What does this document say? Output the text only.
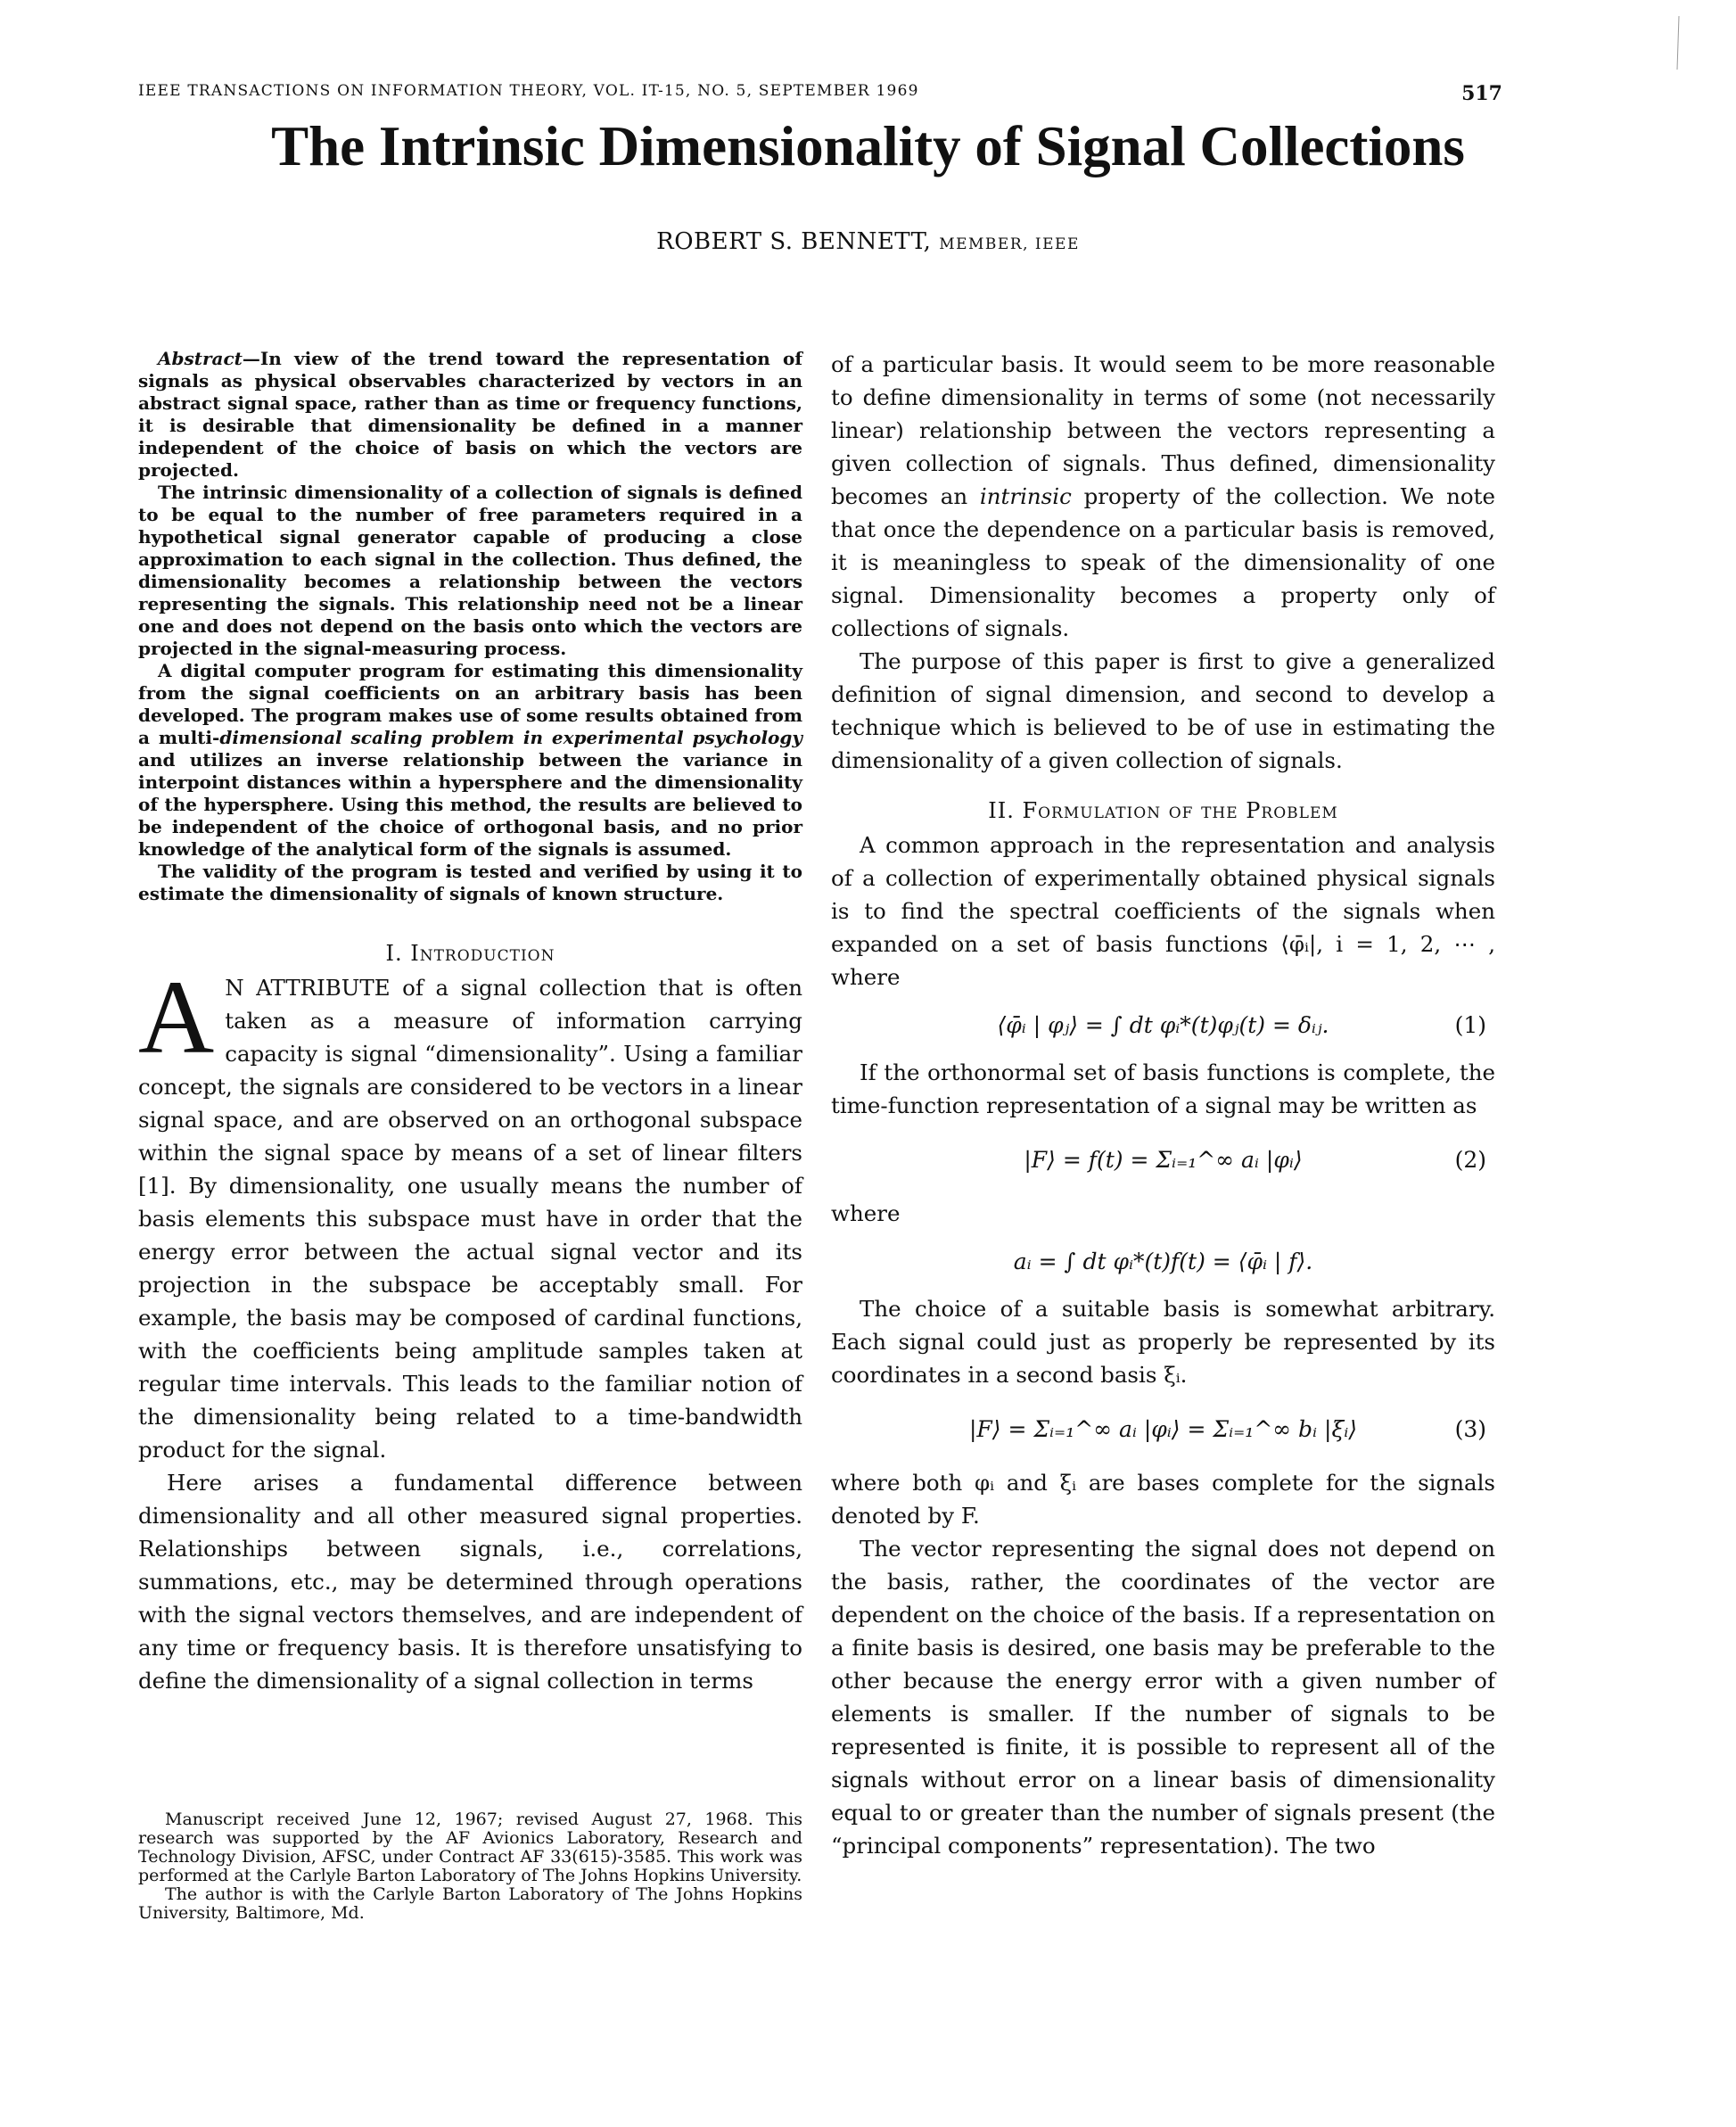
IEEE TRANSACTIONS ON INFORMATION THEORY, VOL. IT-15, NO. 5, SEPTEMBER 1969	517
The Intrinsic Dimensionality of Signal Collections
ROBERT S. BENNETT, MEMBER, IEEE

Abstract—In view of the trend toward the representation of signals as physical observables characterized by vectors in an abstract signal space, rather than as time or frequency functions, it is desirable that dimensionality be defined in a manner independent of the choice of basis on which the vectors are projected.

The intrinsic dimensionality of a collection of signals is defined to be equal to the number of free parameters required in a hypothetical signal generator capable of producing a close approximation to each signal in the collection. Thus defined, the dimensionality becomes a relationship between the vectors representing the signals. This relationship need not be a linear one and does not depend on the basis onto which the vectors are projected in the signal-measuring process.

A digital computer program for estimating this dimensionality from the signal coefficients on an arbitrary basis has been developed. The program makes use of some results obtained from a multi-dimensional scaling problem in experimental psychology and utilizes an inverse relationship between the variance in interpoint distances within a hypersphere and the dimensionality of the hypersphere. Using this method, the results are believed to be independent of the choice of orthogonal basis, and no prior knowledge of the analytical form of the signals is assumed.

The validity of the program is tested and verified by using it to estimate the dimensionality of signals of known structure.

I. Introduction

A N ATTRIBUTE of a signal collection that is often taken as a measure of information carrying capacity is signal “dimensionality”. Using a familiar concept, the signals are considered to be vectors in a linear signal space, and are observed on an orthogonal subspace within the signal space by means of a set of linear filters [1]. By dimensionality, one usually means the number of basis elements this subspace must have in order that the energy error between the actual signal vector and its projection in the subspace be acceptably small. For example, the basis may be composed of cardinal functions, with the coefficients being amplitude samples taken at regular time intervals. This leads to the familiar notion of the dimensionality being related to a time-bandwidth product for the signal.

Here arises a fundamental difference between dimensionality and all other measured signal properties. Relationships between signals, i.e., correlations, summations, etc., may be determined through operations with the signal vectors themselves, and are independent of any time or frequency basis. It is therefore unsatisfying to define the dimensionality of a signal collection in terms

Manuscript received June 12, 1967; revised August 27, 1968. This research was supported by the AF Avionics Laboratory, Research and Technology Division, AFSC, under Contract AF 33(615)-3585. This work was performed at the Carlyle Barton Laboratory of The Johns Hopkins University.

The author is with the Carlyle Barton Laboratory of The Johns Hopkins University, Baltimore, Md.

of a particular basis. It would seem to be more reasonable to define dimensionality in terms of some (not necessarily linear) relationship between the vectors representing a given collection of signals. Thus defined, dimensionality becomes an intrinsic property of the collection. We note that once the dependence on a particular basis is removed, it is meaningless to speak of the dimensionality of one signal. Dimensionality becomes a property only of collections of signals.

The purpose of this paper is first to give a generalized definition of signal dimension, and second to develop a technique which is believed to be of use in estimating the dimensionality of a given collection of signals.

II. Formulation of the Problem

A common approach in the representation and analysis of a collection of experimentally obtained physical signals is to find the spectral coefficients of the signals when expanded on a set of basis functions ⟨φ̄ᵢ|, i = 1, 2, ⋯ , where

⟨φ̄ᵢ | φⱼ⟩ = ∫ dt φᵢ*(t)φⱼ(t) = δᵢⱼ.	(1)

If the orthonormal set of basis functions is complete, the time-function representation of a signal may be written as

|F⟩ = f(t) = Σᵢ₌₁^∞ aᵢ |φᵢ⟩	(2)

where

aᵢ = ∫ dt φᵢ*(t)f(t) = ⟨φ̄ᵢ | f⟩.

The choice of a suitable basis is somewhat arbitrary. Each signal could just as properly be represented by its coordinates in a second basis ξᵢ.

|F⟩ = Σᵢ₌₁^∞ aᵢ |φᵢ⟩ = Σᵢ₌₁^∞ bᵢ |ξᵢ⟩	(3)

where both φᵢ and ξᵢ are bases complete for the signals denoted by F.

The vector representing the signal does not depend on the basis, rather, the coordinates of the vector are dependent on the choice of the basis. If a representation on a finite basis is desired, one basis may be preferable to the other because the energy error with a given number of elements is smaller. If the number of signals to be represented is finite, it is possible to represent all of the signals without error on a linear basis of dimensionality equal to or greater than the number of signals present (the “principal components” representation). The two
